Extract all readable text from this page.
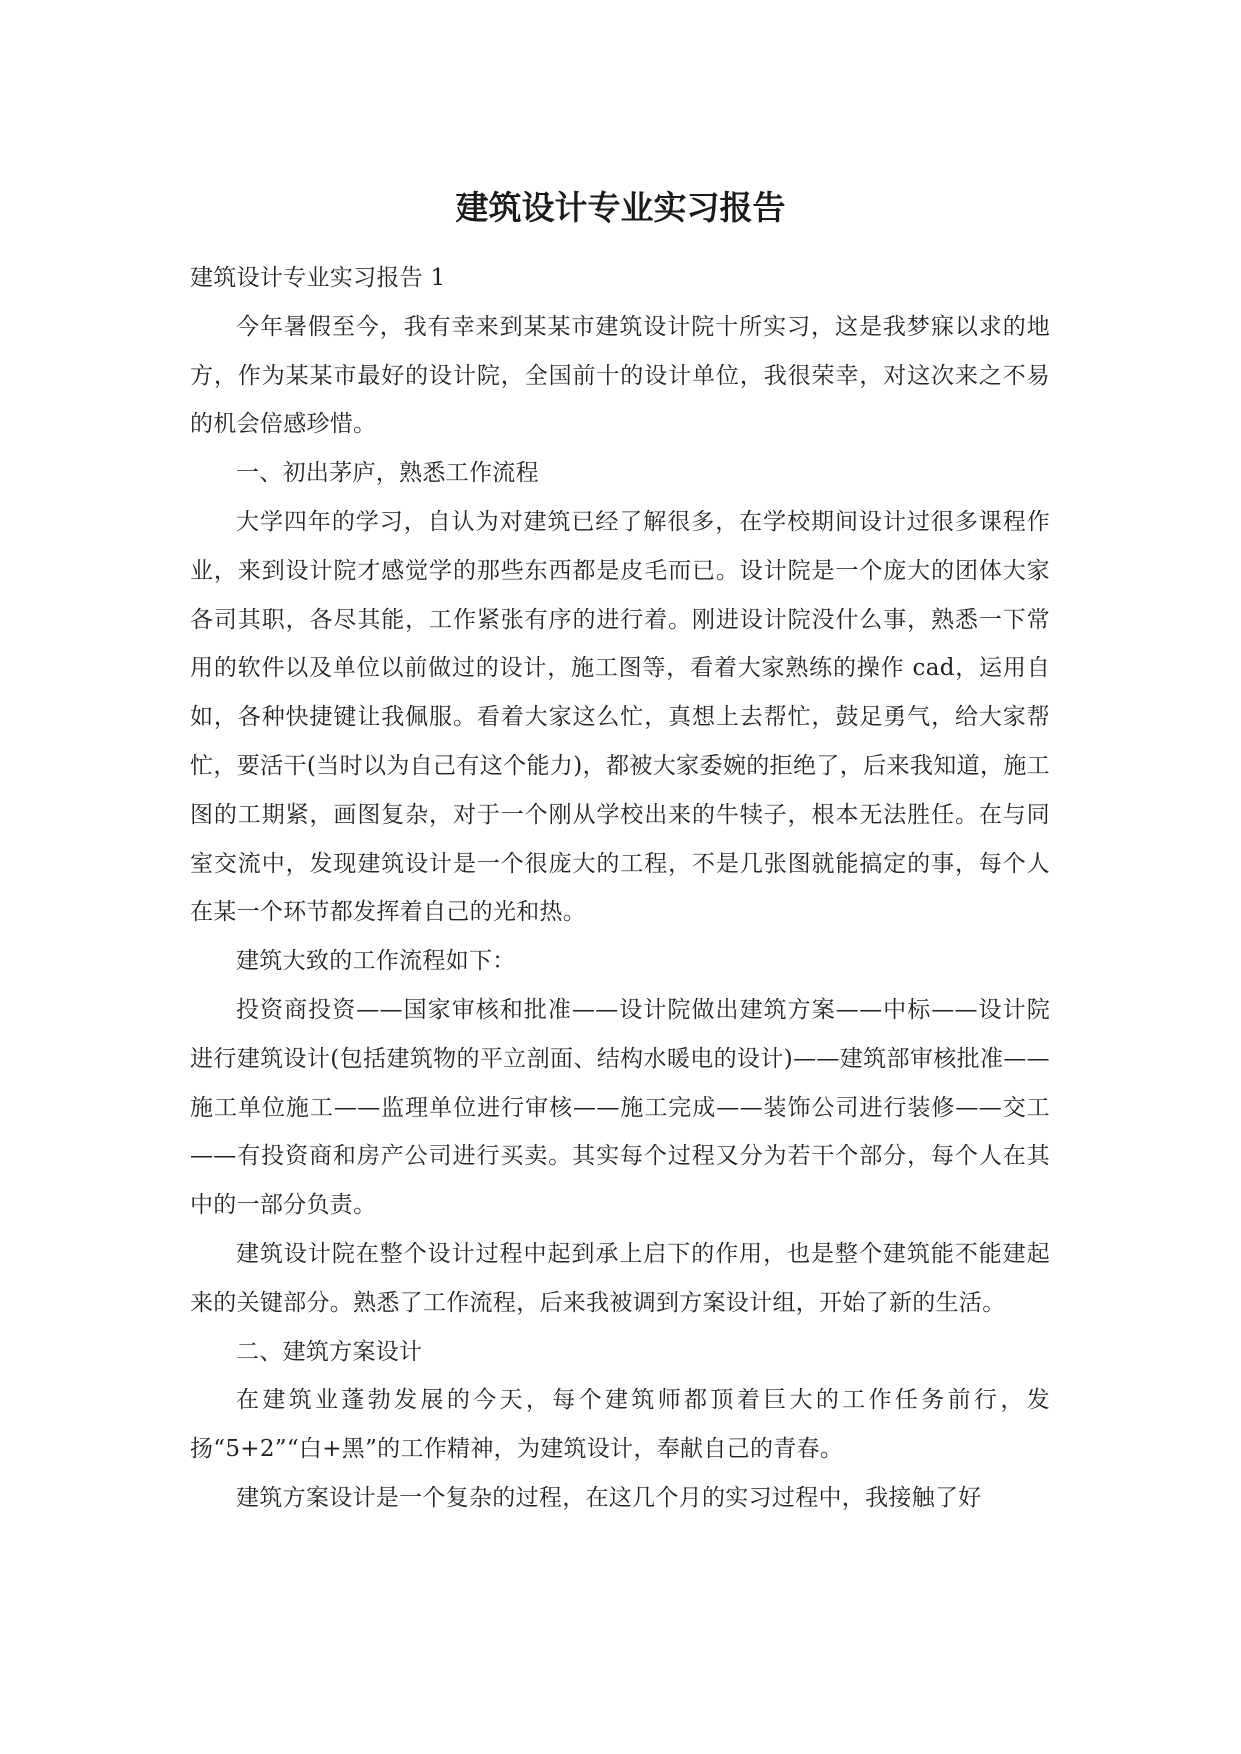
建筑设计专业实习报告

建筑设计专业实习报告 1

今年暑假至今，我有幸来到某某市建筑设计院十所实习，这是我梦寐以求的地方，作为某某市最好的设计院，全国前十的设计单位，我很荣幸，对这次来之不易的机会倍感珍惜。

一、初出茅庐，熟悉工作流程

大学四年的学习，自认为对建筑已经了解很多，在学校期间设计过很多课程作业，来到设计院才感觉学的那些东西都是皮毛而已。设计院是一个庞大的团体大家各司其职，各尽其能，工作紧张有序的进行着。刚进设计院没什么事，熟悉一下常用的软件以及单位以前做过的设计，施工图等，看着大家熟练的操作 cad，运用自如，各种快捷键让我佩服。看着大家这么忙，真想上去帮忙，鼓足勇气，给大家帮忙，要活干(当时以为自己有这个能力)，都被大家委婉的拒绝了，后来我知道，施工图的工期紧，画图复杂，对于一个刚从学校出来的牛犊子，根本无法胜任。在与同室交流中，发现建筑设计是一个很庞大的工程，不是几张图就能搞定的事，每个人在某一个环节都发挥着自己的光和热。

建筑大致的工作流程如下：

投资商投资——国家审核和批准——设计院做出建筑方案——中标——设计院进行建筑设计(包括建筑物的平立剖面、结构水暖电的设计)——建筑部审核批准——施工单位施工——监理单位进行审核——施工完成——装饰公司进行装修——交工——有投资商和房产公司进行买卖。其实每个过程又分为若干个部分，每个人在其中的一部分负责。

建筑设计院在整个设计过程中起到承上启下的作用，也是整个建筑能不能建起来的关键部分。熟悉了工作流程，后来我被调到方案设计组，开始了新的生活。

二、建筑方案设计

在建筑业蓬勃发展的今天，每个建筑师都顶着巨大的工作任务前行，发扬“5+2”“白+黑”的工作精神，为建筑设计，奉献自己的青春。

建筑方案设计是一个复杂的过程，在这几个月的实习过程中，我接触了好
